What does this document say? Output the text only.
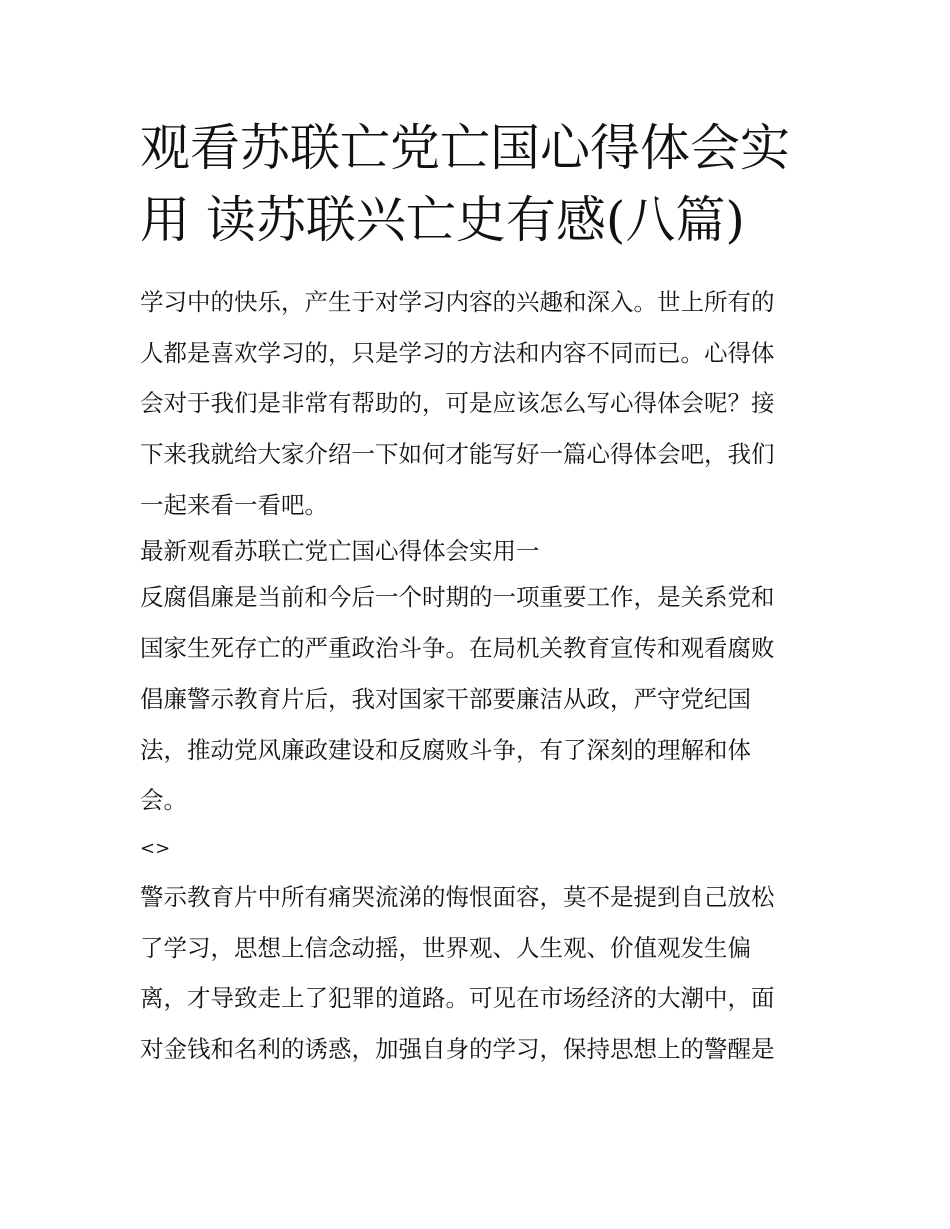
观看苏联亡党亡国心得体会实
用 读苏联兴亡史有感(八篇)
学习中的快乐，产生于对学习内容的兴趣和深入。世上所有的
人都是喜欢学习的，只是学习的方法和内容不同而已。心得体
会对于我们是非常有帮助的，可是应该怎么写心得体会呢？接
下来我就给大家介绍一下如何才能写好一篇心得体会吧，我们
一起来看一看吧。
最新观看苏联亡党亡国心得体会实用一
反腐倡廉是当前和今后一个时期的一项重要工作，是关系党和
国家生死存亡的严重政治斗争。在局机关教育宣传和观看腐败
倡廉警示教育片后，我对国家干部要廉洁从政，严守党纪国
法，推动党风廉政建设和反腐败斗争，有了深刻的理解和体
会。
<>
警示教育片中所有痛哭流涕的悔恨面容，莫不是提到自己放松
了学习，思想上信念动摇，世界观、人生观、价值观发生偏
离，才导致走上了犯罪的道路。可见在市场经济的大潮中，面
对金钱和名利的诱惑，加强自身的学习，保持思想上的警醒是
